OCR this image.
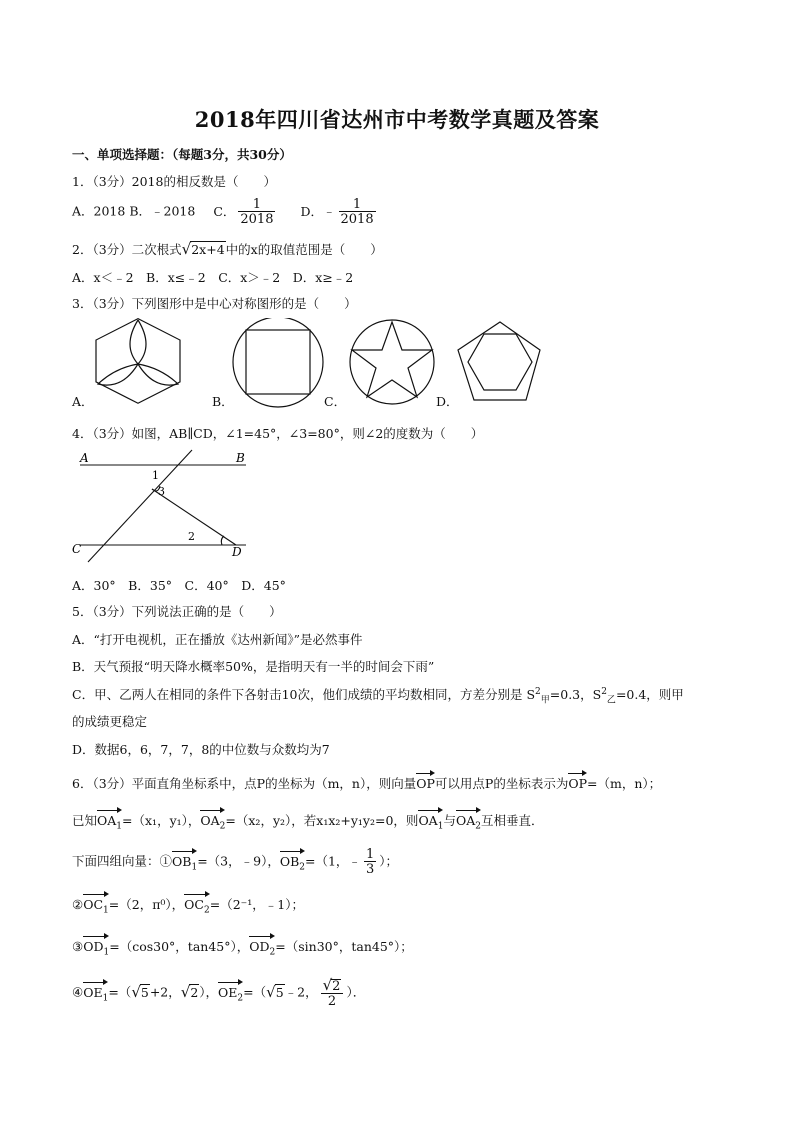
2018年四川省达州市中考数学真题及答案
一、单项选择题：（每题3分，共30分）
1．（3分）2018的相反数是（　　）
A．2018 B．﹣2018 C． $\frac{1}{2018}$ D．﹣ $\frac{1}{2018}$
2．（3分）二次根式√2x+4中的x的取值范围是（　　）
A．x＜﹣2　B．x≤﹣2　C．x＞﹣2　D．x≥﹣2
3．（3分）下列图形中是中心对称图形的是（　　）
A．	B．	C．	D．
4．（3分）如图，AB∥CD，∠1=45°，∠3=80°，则∠2的度数为（　　）
A	B
C	D
1
2
3
A．30°　B．35°　C．40°　D．45°
5．（3分）下列说法正确的是（　　）
A．“打开电视机，正在播放《达州新闻》”是必然事件
B．天气预报“明天降水概率50%，是指明天有一半的时间会下雨”
C．甲、乙两人在相同的条件下各射击10次，他们成绩的平均数相同，方差分别是 $S^2_甲=0.3$，$S^2_乙=0.4$，则甲
的成绩更稳定
D．数据6，6，7，7，8的中位数与众数均为7
6．（3分）平面直角坐标系中，点P的坐标为（m，n），则向量OP可以用点P的坐标表示为OP=（m，n）；
已知$OA_1=(x_1$，y₁），$OA_2=(x_2$，y₂），若x₁x₂+y₁y₂=0，则$OA_1$与$OA_2$互相垂直．
下面四组向量：$①OB_1=(3$，﹣9），$OB_2=(1$，﹣ $\frac{1}{3}$ ）；
$②OC_1=(2$，π⁰），$OC_2=(2^{-1}$，﹣1）；
$③OD_1=(\cos 30^\circ$，tan45°），$OD_2=(\sin 30^\circ$，tan45°）；
$④OE_1=(√5+2$，√2），$OE_2=(√5﹣2$， $\frac{√2}{2}$ ）．
